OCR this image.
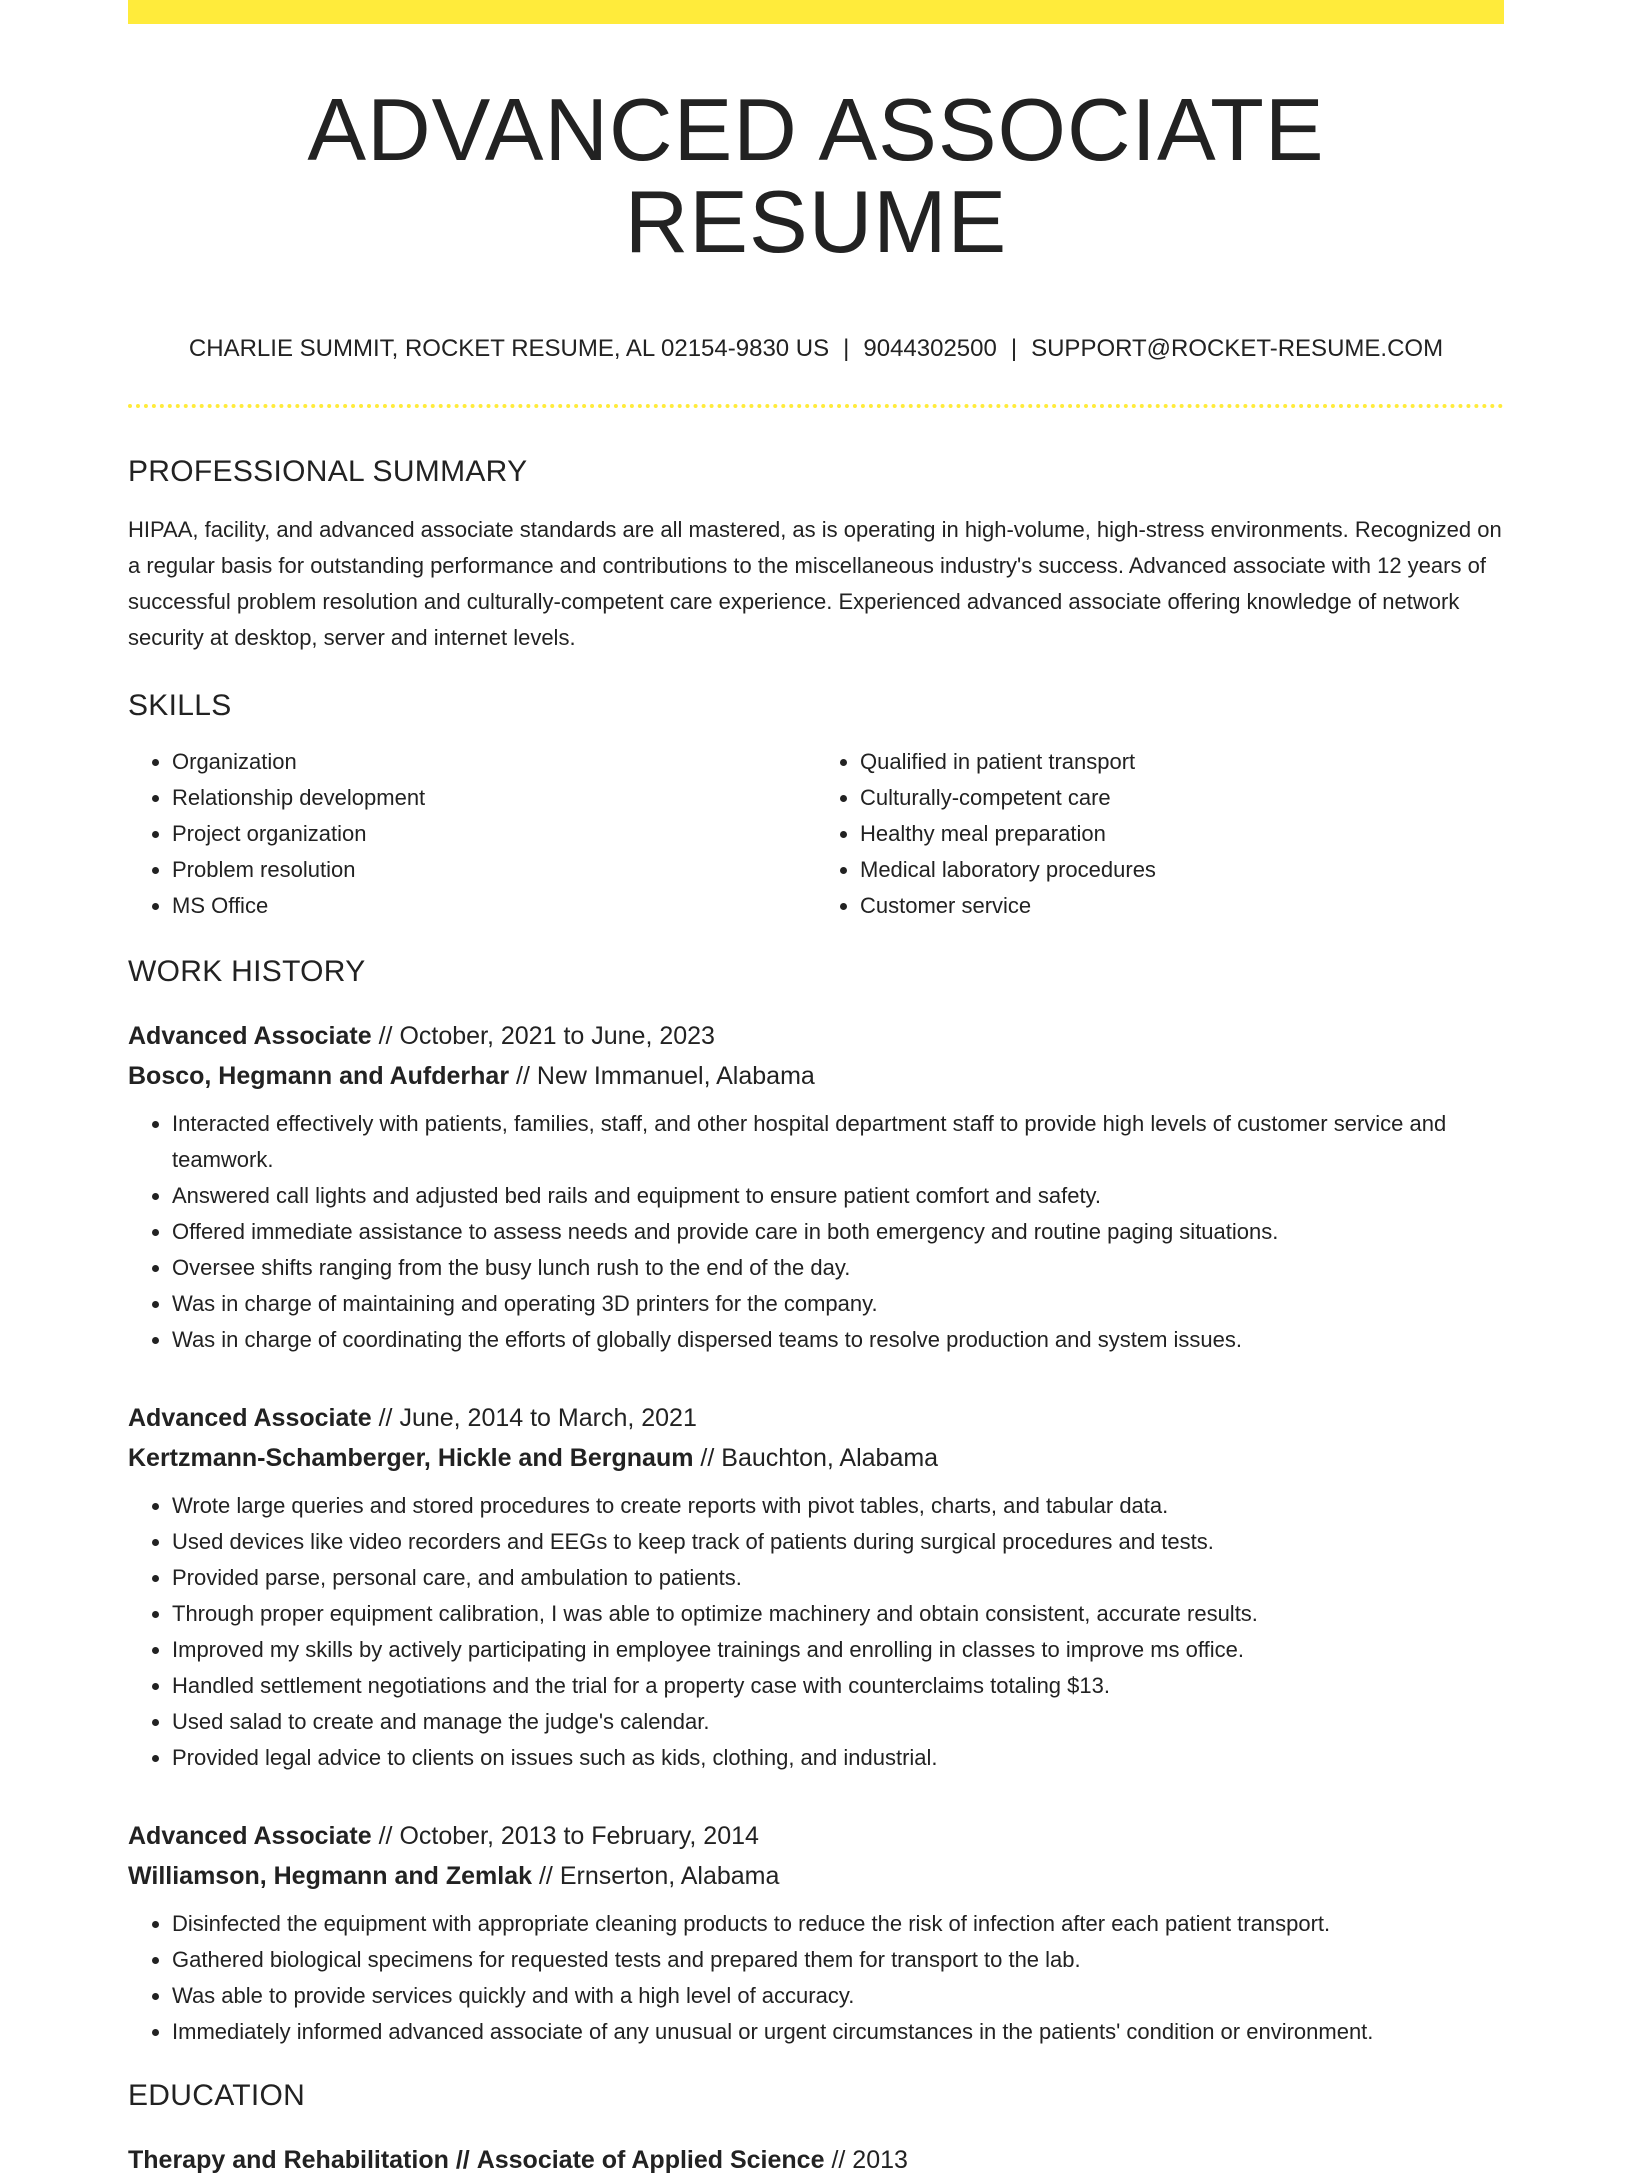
ADVANCED ASSOCIATE RESUME
CHARLIE SUMMIT, ROCKET RESUME, AL 02154-9830 US | 9044302500 | SUPPORT@ROCKET-RESUME.COM
PROFESSIONAL SUMMARY

HIPAA, facility, and advanced associate standards are all mastered, as is operating in high-volume, high-stress environments. Recognized on a regular basis for outstanding performance and contributions to the miscellaneous industry's success. Advanced associate with 12 years of successful problem resolution and culturally-competent care experience. Experienced advanced associate offering knowledge of network security at desktop, server and internet levels.

SKILLS
• Organization
• Relationship development
• Project organization
• Problem resolution
• MS Office
• Qualified in patient transport
• Culturally-competent care
• Healthy meal preparation
• Medical laboratory procedures
• Customer service
WORK HISTORY
Advanced Associate // October, 2021 to June, 2023
Bosco, Hegmann and Aufderhar // New Immanuel, Alabama
• Interacted effectively with patients, families, staff, and other hospital department staff to provide high levels of customer service and teamwork.
• Answered call lights and adjusted bed rails and equipment to ensure patient comfort and safety.
• Offered immediate assistance to assess needs and provide care in both emergency and routine paging situations.
• Oversee shifts ranging from the busy lunch rush to the end of the day.
• Was in charge of maintaining and operating 3D printers for the company.
• Was in charge of coordinating the efforts of globally dispersed teams to resolve production and system issues.
Advanced Associate // June, 2014 to March, 2021
Kertzmann-Schamberger, Hickle and Bergnaum // Bauchton, Alabama
• Wrote large queries and stored procedures to create reports with pivot tables, charts, and tabular data.
• Used devices like video recorders and EEGs to keep track of patients during surgical procedures and tests.
• Provided parse, personal care, and ambulation to patients.
• Through proper equipment calibration, I was able to optimize machinery and obtain consistent, accurate results.
• Improved my skills by actively participating in employee trainings and enrolling in classes to improve ms office.
• Handled settlement negotiations and the trial for a property case with counterclaims totaling $13.
• Used salad to create and manage the judge's calendar.
• Provided legal advice to clients on issues such as kids, clothing, and industrial.
Advanced Associate // October, 2013 to February, 2014
Williamson, Hegmann and Zemlak // Ernserton, Alabama
• Disinfected the equipment with appropriate cleaning products to reduce the risk of infection after each patient transport.
• Gathered biological specimens for requested tests and prepared them for transport to the lab.
• Was able to provide services quickly and with a high level of accuracy.
• Immediately informed advanced associate of any unusual or urgent circumstances in the patients' condition or environment.
EDUCATION
Therapy and Rehabilitation // Associate of Applied Science // 2013
